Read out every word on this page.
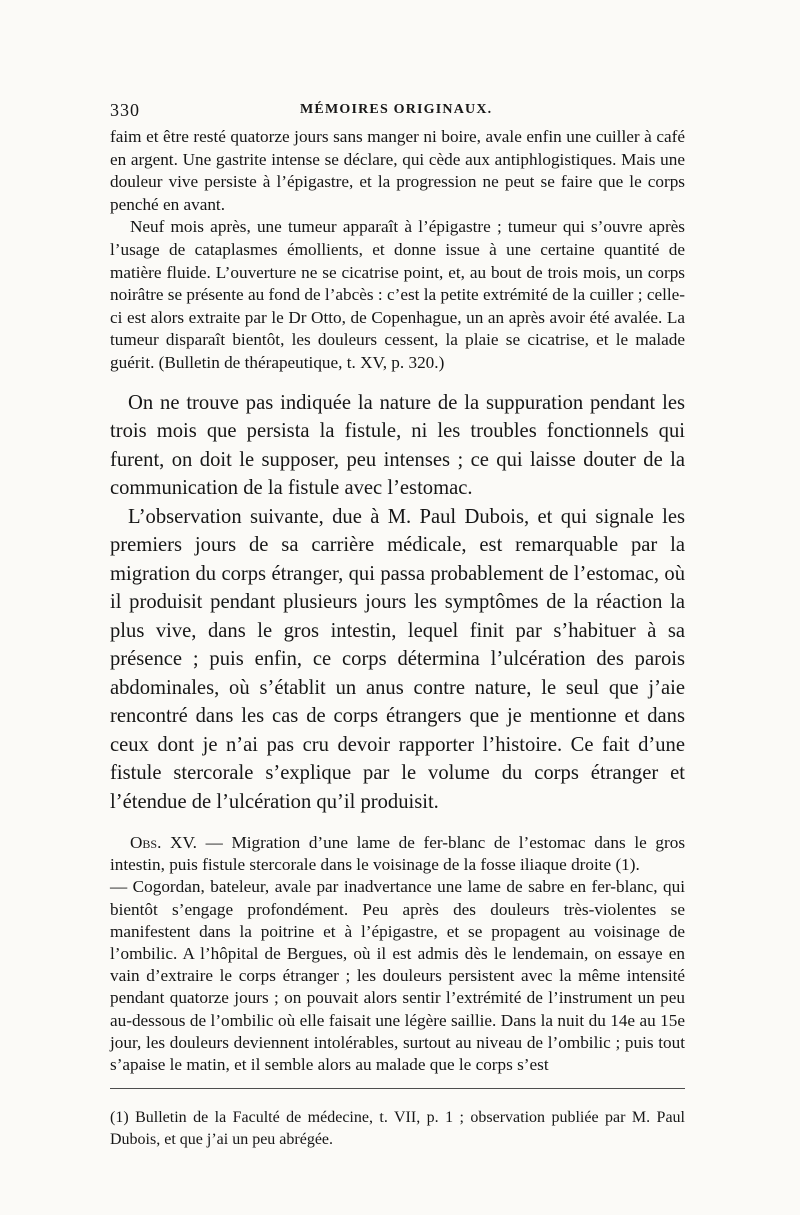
330	MÉMOIRES ORIGINAUX.

faim et être resté quatorze jours sans manger ni boire, avale enfin une cuiller à café en argent. Une gastrite intense se déclare, qui cède aux antiphlogistiques. Mais une douleur vive persiste à l’épigastre, et la progression ne peut se faire que le corps penché en avant.

Neuf mois après, une tumeur apparaît à l’épigastre ; tumeur qui s’ouvre après l’usage de cataplasmes émollients, et donne issue à une certaine quantité de matière fluide. L’ouverture ne se cicatrise point, et, au bout de trois mois, un corps noirâtre se présente au fond de l’abcès : c’est la petite extrémité de la cuiller ; celle-ci est alors extraite par le Dr Otto, de Copenhague, un an après avoir été avalée. La tumeur disparaît bientôt, les douleurs cessent, la plaie se cicatrise, et le malade guérit. (Bulletin de thérapeutique, t. XV, p. 320.)

On ne trouve pas indiquée la nature de la suppuration pendant les trois mois que persista la fistule, ni les troubles fonctionnels qui furent, on doit le supposer, peu intenses ; ce qui laisse douter de la communication de la fistule avec l’estomac.

L’observation suivante, due à M. Paul Dubois, et qui signale les premiers jours de sa carrière médicale, est remarquable par la migration du corps étranger, qui passa probablement de l’estomac, où il produisit pendant plusieurs jours les symptômes de la réaction la plus vive, dans le gros intestin, lequel finit par s’habituer à sa présence ; puis enfin, ce corps détermina l’ulcération des parois abdominales, où s’établit un anus contre nature, le seul que j’aie rencontré dans les cas de corps étrangers que je mentionne et dans ceux dont je n’ai pas cru devoir rapporter l’histoire. Ce fait d’une fistule stercorale s’explique par le volume du corps étranger et l’étendue de l’ulcération qu’il produisit.

Obs. XV. — Migration d’une lame de fer-blanc de l’estomac dans le gros intestin, puis fistule stercorale dans le voisinage de la fosse iliaque droite (1).

— Cogordan, bateleur, avale par inadvertance une lame de sabre en fer-blanc, qui bientôt s’engage profondément. Peu après des douleurs très-violentes se manifestent dans la poitrine et à l’épigastre, et se propagent au voisinage de l’ombilic. A l’hôpital de Bergues, où il est admis dès le lendemain, on essaye en vain d’extraire le corps étranger ; les douleurs persistent avec la même intensité pendant quatorze jours ; on pouvait alors sentir l’extrémité de l’instrument un peu au-dessous de l’ombilic où elle faisait une légère saillie. Dans la nuit du 14e au 15e jour, les douleurs deviennent intolérables, surtout au niveau de l’ombilic ; puis tout s’apaise le matin, et il semble alors au malade que le corps s’est

(1) Bulletin de la Faculté de médecine, t. VII, p. 1 ; observation publiée par M. Paul Dubois, et que j’ai un peu abrégée.
